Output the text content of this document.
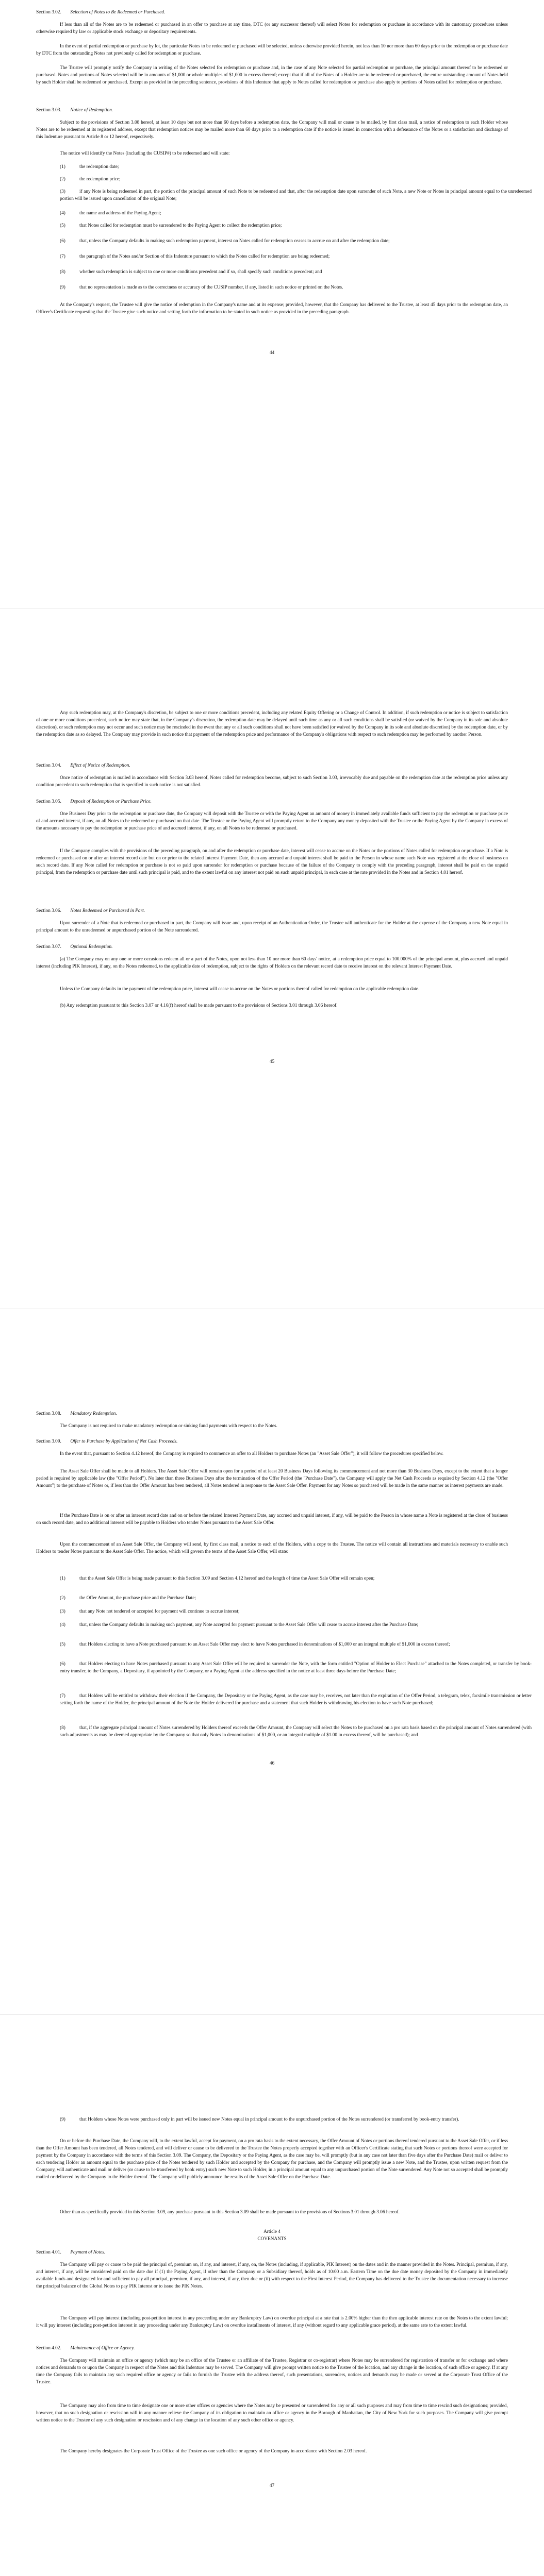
Section 3.02. Selection of Notes to Be Redeemed or Purchased.

If less than all of the Notes are to be redeemed or purchased in an offer to purchase at any time, DTC (or any successor thereof) will select Notes for redemption or purchase in accordance with its customary procedures unless otherwise required by law or applicable stock exchange or depositary requirements.

In the event of partial redemption or purchase by lot, the particular Notes to be redeemed or purchased will be selected, unless otherwise provided herein, not less than 10 nor more than 60 days prior to the redemption or purchase date by DTC from the outstanding Notes not previously called for redemption or purchase.

The Trustee will promptly notify the Company in writing of the Notes selected for redemption or purchase and, in the case of any Note selected for partial redemption or purchase, the principal amount thereof to be redeemed or purchased. Notes and portions of Notes selected will be in amounts of $1,000 or whole multiples of $1,000 in excess thereof; except that if all of the Notes of a Holder are to be redeemed or purchased, the entire outstanding amount of Notes held by such Holder shall be redeemed or purchased. Except as provided in the preceding sentence, provisions of this Indenture that apply to Notes called for redemption or purchase also apply to portions of Notes called for redemption or purchase.

Section 3.03. Notice of Redemption.

Subject to the provisions of Section 3.08 hereof, at least 10 days but not more than 60 days before a redemption date, the Company will mail or cause to be mailed, by first class mail, a notice of redemption to each Holder whose Notes are to be redeemed at its registered address, except that redemption notices may be mailed more than 60 days prior to a redemption date if the notice is issued in connection with a defeasance of the Notes or a satisfaction and discharge of this Indenture pursuant to Article 8 or 12 hereof, respectively.

The notice will identify the Notes (including the CUSIP#) to be redeemed and will state:

(1)	the redemption date;

(2)	the redemption price;

(3)	if any Note is being redeemed in part, the portion of the principal amount of such Note to be redeemed and that, after the redemption date upon surrender of such Note, a new Note or Notes in principal amount equal to the unredeemed portion will be issued upon cancellation of the original Note;

(4)	the name and address of the Paying Agent;

(5)	that Notes called for redemption must be surrendered to the Paying Agent to collect the redemption price;

(6)	that, unless the Company defaults in making such redemption payment, interest on Notes called for redemption ceases to accrue on and after the redemption date;

(7)	the paragraph of the Notes and/or Section of this Indenture pursuant to which the Notes called for redemption are being redeemed;

(8)	whether such redemption is subject to one or more conditions precedent and if so, shall specify such conditions precedent; and

(9)	that no representation is made as to the correctness or accuracy of the CUSIP number, if any, listed in such notice or printed on the Notes.

At the Company's request, the Trustee will give the notice of redemption in the Company's name and at its expense; provided, however, that the Company has delivered to the Trustee, at least 45 days prior to the redemption date, an Officer's Certificate requesting that the Trustee give such notice and setting forth the information to be stated in such notice as provided in the preceding paragraph.

44

Any such redemption may, at the Company's discretion, be subject to one or more conditions precedent, including any related Equity Offering or a Change of Control. In addition, if such redemption or notice is subject to satisfaction of one or more conditions precedent, such notice may state that, in the Company's discretion, the redemption date may be delayed until such time as any or all such conditions shall be satisfied (or waived by the Company in its sole and absolute discretion), or such redemption may not occur and such notice may be rescinded in the event that any or all such conditions shall not have been satisfied (or waived by the Company in its sole and absolute discretion) by the redemption date, or by the redemption date as so delayed. The Company may provide in such notice that payment of the redemption price and performance of the Company's obligations with respect to such redemption may be performed by another Person.

Section 3.04. Effect of Notice of Redemption.

Once notice of redemption is mailed in accordance with Section 3.03 hereof, Notes called for redemption become, subject to such Section 3.03, irrevocably due and payable on the redemption date at the redemption price unless any condition precedent to such redemption that is specified in such notice is not satisfied.

Section 3.05. Deposit of Redemption or Purchase Price.

One Business Day prior to the redemption or purchase date, the Company will deposit with the Trustee or with the Paying Agent an amount of money in immediately available funds sufficient to pay the redemption or purchase price of and accrued interest, if any, on all Notes to be redeemed or purchased on that date. The Trustee or the Paying Agent will promptly return to the Company any money deposited with the Trustee or the Paying Agent by the Company in excess of the amounts necessary to pay the redemption or purchase price of and accrued interest, if any, on all Notes to be redeemed or purchased.

If the Company complies with the provisions of the preceding paragraph, on and after the redemption or purchase date, interest will cease to accrue on the Notes or the portions of Notes called for redemption or purchase. If a Note is redeemed or purchased on or after an interest record date but on or prior to the related Interest Payment Date, then any accrued and unpaid interest shall be paid to the Person in whose name such Note was registered at the close of business on such record date. If any Note called for redemption or purchase is not so paid upon surrender for redemption or purchase because of the failure of the Company to comply with the preceding paragraph, interest shall be paid on the unpaid principal, from the redemption or purchase date until such principal is paid, and to the extent lawful on any interest not paid on such unpaid principal, in each case at the rate provided in the Notes and in Section 4.01 hereof.

Section 3.06. Notes Redeemed or Purchased in Part.

Upon surrender of a Note that is redeemed or purchased in part, the Company will issue and, upon receipt of an Authentication Order, the Trustee will authenticate for the Holder at the expense of the Company a new Note equal in principal amount to the unredeemed or unpurchased portion of the Note surrendered.

Section 3.07. Optional Redemption.

(a) The Company may on any one or more occasions redeem all or a part of the Notes, upon not less than 10 nor more than 60 days' notice, at a redemption price equal to 100.000% of the principal amount, plus accrued and unpaid interest (including PIK Interest), if any, on the Notes redeemed, to the applicable date of redemption, subject to the rights of Holders on the relevant record date to receive interest on the relevant Interest Payment Date.

Unless the Company defaults in the payment of the redemption price, interest will cease to accrue on the Notes or portions thereof called for redemption on the applicable redemption date.

(b) Any redemption pursuant to this Section 3.07 or 4.16(f) hereof shall be made pursuant to the provisions of Sections 3.01 through 3.06 hereof.

45

Section 3.08. Mandatory Redemption.

The Company is not required to make mandatory redemption or sinking fund payments with respect to the Notes.

Section 3.09. Offer to Purchase by Application of Net Cash Proceeds.

In the event that, pursuant to Section 4.12 hereof, the Company is required to commence an offer to all Holders to purchase Notes (an "Asset Sale Offer"), it will follow the procedures specified below.

The Asset Sale Offer shall be made to all Holders. The Asset Sale Offer will remain open for a period of at least 20 Business Days following its commencement and not more than 30 Business Days, except to the extent that a longer period is required by applicable law (the "Offer Period"). No later than three Business Days after the termination of the Offer Period (the "Purchase Date"), the Company will apply the Net Cash Proceeds as required by Section 4.12 (the "Offer Amount") to the purchase of Notes or, if less than the Offer Amount has been tendered, all Notes tendered in response to the Asset Sale Offer. Payment for any Notes so purchased will be made in the same manner as interest payments are made.

If the Purchase Date is on or after an interest record date and on or before the related Interest Payment Date, any accrued and unpaid interest, if any, will be paid to the Person in whose name a Note is registered at the close of business on such record date, and no additional interest will be payable to Holders who tender Notes pursuant to the Asset Sale Offer.

Upon the commencement of an Asset Sale Offer, the Company will send, by first class mail, a notice to each of the Holders, with a copy to the Trustee. The notice will contain all instructions and materials necessary to enable such Holders to tender Notes pursuant to the Asset Sale Offer. The notice, which will govern the terms of the Asset Sale Offer, will state:

(1)	that the Asset Sale Offer is being made pursuant to this Section 3.09 and Section 4.12 hereof and the length of time the Asset Sale Offer will remain open;

(2)	the Offer Amount, the purchase price and the Purchase Date;

(3)	that any Note not tendered or accepted for payment will continue to accrue interest;

(4)	that, unless the Company defaults in making such payment, any Note accepted for payment pursuant to the Asset Sale Offer will cease to accrue interest after the Purchase Date;

(5)	that Holders electing to have a Note purchased pursuant to an Asset Sale Offer may elect to have Notes purchased in denominations of $1,000 or an integral multiple of $1,000 in excess thereof;

(6)	that Holders electing to have Notes purchased pursuant to any Asset Sale Offer will be required to surrender the Note, with the form entitled "Option of Holder to Elect Purchase" attached to the Notes completed, or transfer by book-entry transfer, to the Company, a Depositary, if appointed by the Company, or a Paying Agent at the address specified in the notice at least three days before the Purchase Date;

(7)	that Holders will be entitled to withdraw their election if the Company, the Depositary or the Paying Agent, as the case may be, receives, not later than the expiration of the Offer Period, a telegram, telex, facsimile transmission or letter setting forth the name of the Holder, the principal amount of the Note the Holder delivered for purchase and a statement that such Holder is withdrawing his election to have such Note purchased;

(8)	that, if the aggregate principal amount of Notes surrendered by Holders thereof exceeds the Offer Amount, the Company will select the Notes to be purchased on a pro rata basis based on the principal amount of Notes surrendered (with such adjustments as may be deemed appropriate by the Company so that only Notes in denominations of $1,000, or an integral multiple of $1.00 in excess thereof, will be purchased); and

46

(9)	that Holders whose Notes were purchased only in part will be issued new Notes equal in principal amount to the unpurchased portion of the Notes surrendered (or transferred by book-entry transfer).

On or before the Purchase Date, the Company will, to the extent lawful, accept for payment, on a pro rata basis to the extent necessary, the Offer Amount of Notes or portions thereof tendered pursuant to the Asset Sale Offer, or if less than the Offer Amount has been tendered, all Notes tendered, and will deliver or cause to be delivered to the Trustee the Notes properly accepted together with an Officer's Certificate stating that such Notes or portions thereof were accepted for payment by the Company in accordance with the terms of this Section 3.09. The Company, the Depositary or the Paying Agent, as the case may be, will promptly (but in any case not later than five days after the Purchase Date) mail or deliver to each tendering Holder an amount equal to the purchase price of the Notes tendered by such Holder and accepted by the Company for purchase, and the Company will promptly issue a new Note, and the Trustee, upon written request from the Company, will authenticate and mail or deliver (or cause to be transferred by book entry) such new Note to such Holder, in a principal amount equal to any unpurchased portion of the Note surrendered. Any Note not so accepted shall be promptly mailed or delivered by the Company to the Holder thereof. The Company will publicly announce the results of the Asset Sale Offer on the Purchase Date.

Other than as specifically provided in this Section 3.09, any purchase pursuant to this Section 3.09 shall be made pursuant to the provisions of Sections 3.01 through 3.06 hereof.

Article 4

COVENANTS

Section 4.01. Payment of Notes.

The Company will pay or cause to be paid the principal of, premium on, if any, and interest, if any, on, the Notes (including, if applicable, PIK Interest) on the dates and in the manner provided in the Notes. Principal, premium, if any, and interest, if any, will be considered paid on the date due if (1) the Paying Agent, if other than the Company or a Subsidiary thereof, holds as of 10:00 a.m. Eastern Time on the due date money deposited by the Company in immediately available funds and designated for and sufficient to pay all principal, premium, if any, and interest, if any, then due or (ii) with respect to the First Interest Period, the Company has delivered to the Trustee the documentation necessary to increase the principal balance of the Global Notes to pay PIK Interest or to issue the PIK Notes.

The Company will pay interest (including post-petition interest in any proceeding under any Bankruptcy Law) on overdue principal at a rate that is 2.00% higher than the then applicable interest rate on the Notes to the extent lawful; it will pay interest (including post-petition interest in any proceeding under any Bankruptcy Law) on overdue installments of interest, if any (without regard to any applicable grace period), at the same rate to the extent lawful.

Section 4.02. Maintenance of Office or Agency.

The Company will maintain an office or agency (which may be an office of the Trustee or an affiliate of the Trustee, Registrar or co-registrar) where Notes may be surrendered for registration of transfer or for exchange and where notices and demands to or upon the Company in respect of the Notes and this Indenture may be served. The Company will give prompt written notice to the Trustee of the location, and any change in the location, of such office or agency. If at any time the Company fails to maintain any such required office or agency or fails to furnish the Trustee with the address thereof, such presentations, surrenders, notices and demands may be made or served at the Corporate Trust Office of the Trustee.

The Company may also from time to time designate one or more other offices or agencies where the Notes may be presented or surrendered for any or all such purposes and may from time to time rescind such designations; provided, however, that no such designation or rescission will in any manner relieve the Company of its obligation to maintain an office or agency in the Borough of Manhattan, the City of New York for such purposes. The Company will give prompt written notice to the Trustee of any such designation or rescission and of any change in the location of any such other office or agency.

The Company hereby designates the Corporate Trust Office of the Trustee as one such office or agency of the Company in accordance with Section 2.03 hereof.

47
